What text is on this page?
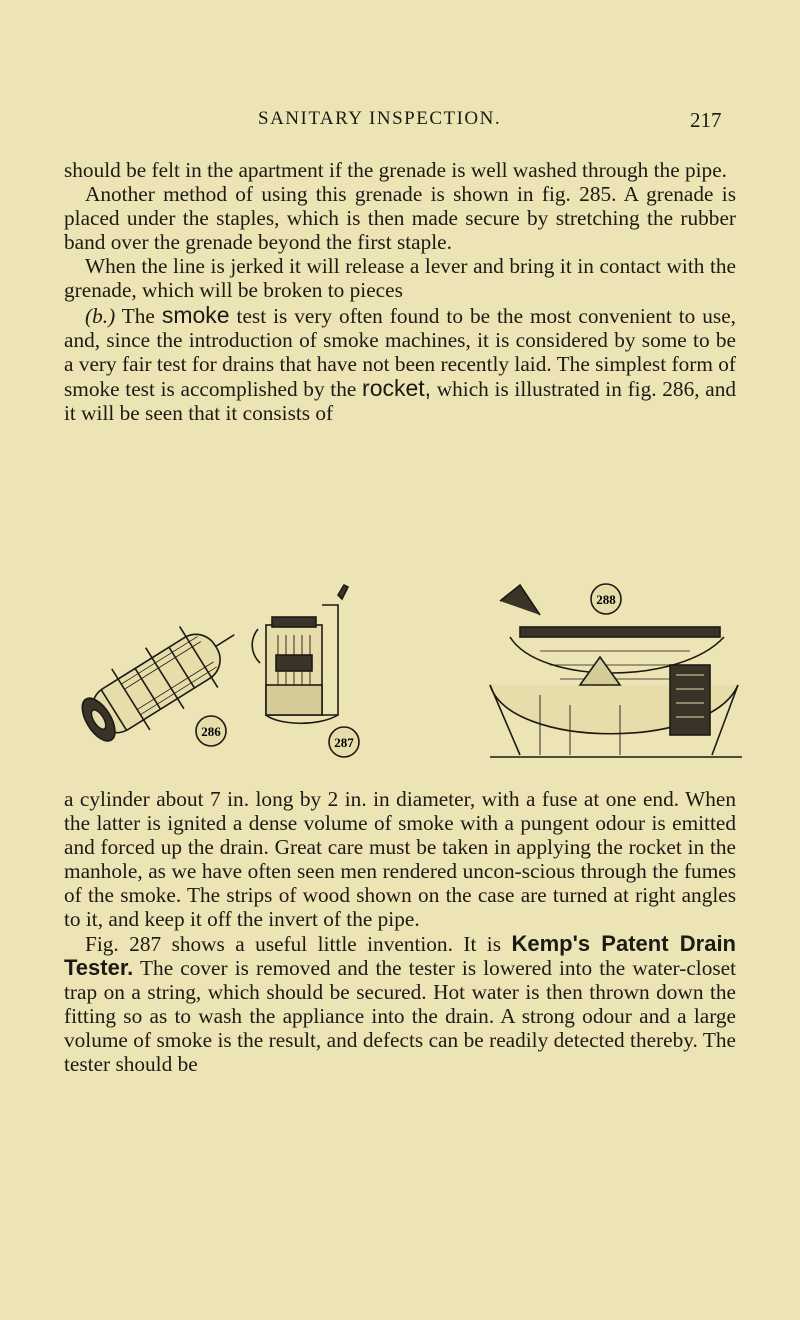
SANITARY INSPECTION.	217

should be felt in the apartment if the grenade is well washed through the pipe.

Another method of using this grenade is shown in fig. 285. A grenade is placed under the staples, which is then made secure by stretching the rubber band over the grenade beyond the first staple.

When the line is jerked it will release a lever and bring it in contact with the grenade, which will be broken to pieces

(b.) The smoke test is very often found to be the most convenient to use, and, since the introduction of smoke machines, it is considered by some to be a very fair test for drains that have not been recently laid. The simplest form of smoke test is accomplished by the rocket, which is illustrated in fig. 286, and it will be seen that it consists of

286
287
288

a cylinder about 7 in. long by 2 in. in diameter, with a fuse at one end. When the latter is ignited a dense volume of smoke with a pungent odour is emitted and forced up the drain. Great care must be taken in applying the rocket in the manhole, as we have often seen men rendered uncon-scious through the fumes of the smoke. The strips of wood shown on the case are turned at right angles to it, and keep it off the invert of the pipe.

Fig. 287 shows a useful little invention. It is Kemp's Patent Drain Tester. The cover is removed and the tester is lowered into the water-closet trap on a string, which should be secured. Hot water is then thrown down the fitting so as to wash the appliance into the drain. A strong odour and a large volume of smoke is the result, and defects can be readily detected thereby. The tester should be
